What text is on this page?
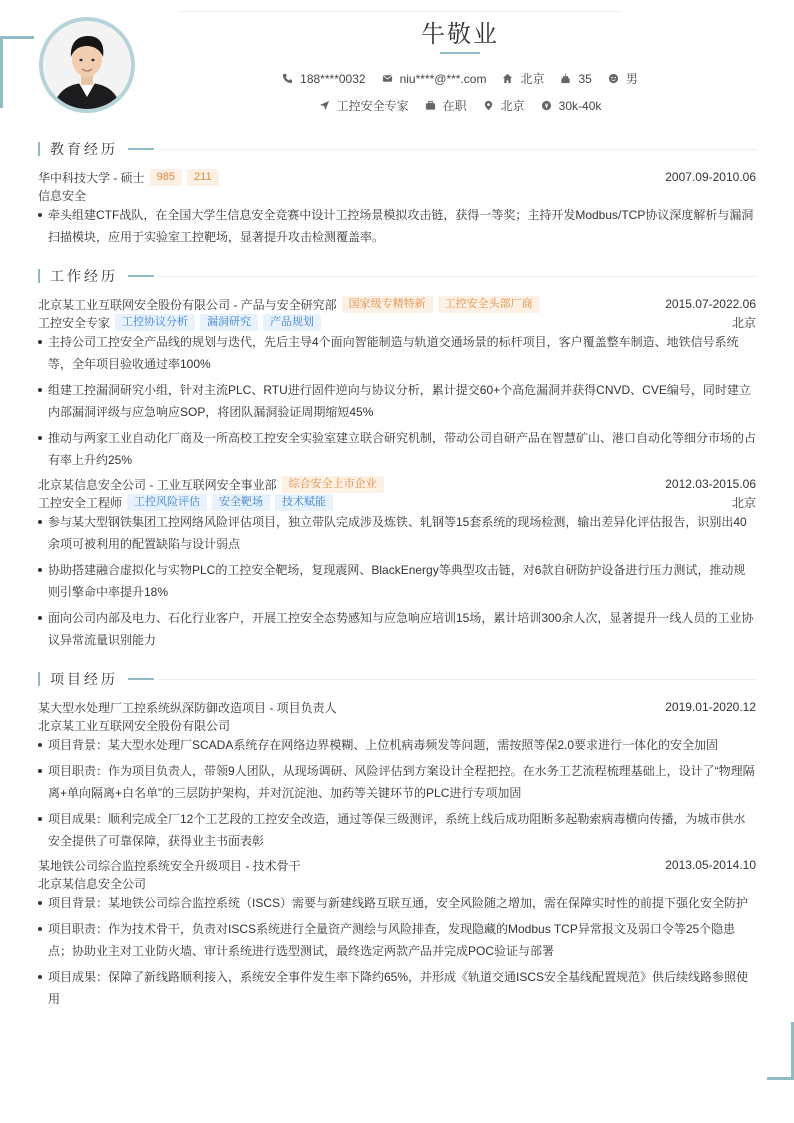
牛敬业
188****0032	niu****@***.com	北京	35	男
工控安全专家	在职	北京	30k-40k
教育经历
华中科技大学 - 硕士	985	211	2007.09-2010.06
信息安全
牵头组建CTF战队，在全国大学生信息安全竞赛中设计工控场景模拟攻击链，获得一等奖；主持开发Modbus/TCP协议深度解析与漏洞扫描模块，应用于实验室工控靶场，显著提升攻击检测覆盖率。
工作经历
北京某工业互联网安全股份有限公司 - 产品与安全研究部	国家级专精特新	工控安全头部厂商	2015.07-2022.06
工控安全专家	工控协议分析	漏洞研究	产品规划	北京
主持公司工控安全产品线的规划与迭代，先后主导4个面向智能制造与轨道交通场景的标杆项目，客户覆盖整车制造、地铁信号系统等，全年项目验收通过率100%
组建工控漏洞研究小组，针对主流PLC、RTU进行固件逆向与协议分析，累计提交60+个高危漏洞并获得CNVD、CVE编号，同时建立内部漏洞评级与应急响应SOP，将团队漏洞验证周期缩短45%
推动与两家工业自动化厂商及一所高校工控安全实验室建立联合研究机制，带动公司自研产品在智慧矿山、港口自动化等细分市场的占有率上升约25%
北京某信息安全公司 - 工业互联网安全事业部	综合安全上市企业	2012.03-2015.06
工控安全工程师	工控风险评估	安全靶场	技术赋能	北京
参与某大型钢铁集团工控网络风险评估项目，独立带队完成涉及炼铁、轧钢等15套系统的现场检测，输出差异化评估报告，识别出40余项可被利用的配置缺陷与设计弱点
协助搭建融合虚拟化与实物PLC的工控安全靶场，复现震网、BlackEnergy等典型攻击链，对6款自研防护设备进行压力测试，推动规则引擎命中率提升18%
面向公司内部及电力、石化行业客户，开展工控安全态势感知与应急响应培训15场，累计培训300余人次，显著提升一线人员的工业协议异常流量识别能力
项目经历
某大型水处理厂工控系统纵深防御改造项目 - 项目负责人	2019.01-2020.12
北京某工业互联网安全股份有限公司
项目背景：某大型水处理厂SCADA系统存在网络边界模糊、上位机病毒频发等问题，需按照等保2.0要求进行一体化的安全加固
项目职责：作为项目负责人，带领9人团队，从现场调研、风险评估到方案设计全程把控。在水务工艺流程梳理基础上，设计了“物理隔离+单向隔离+白名单”的三层防护架构，并对沉淀池、加药等关键环节的PLC进行专项加固
项目成果：顺利完成全厂12个工艺段的工控安全改造，通过等保三级测评，系统上线后成功阻断多起勒索病毒横向传播，为城市供水安全提供了可靠保障，获得业主书面表彰
某地铁公司综合监控系统安全升级项目 - 技术骨干	2013.05-2014.10
北京某信息安全公司
项目背景：某地铁公司综合监控系统（ISCS）需要与新建线路互联互通，安全风险随之增加，需在保障实时性的前提下强化安全防护
项目职责：作为技术骨干，负责对ISCS系统进行全量资产测绘与风险排查，发现隐藏的Modbus TCP异常报文及弱口令等25个隐患点；协助业主对工业防火墙、审计系统进行选型测试，最终选定两款产品并完成POC验证与部署
项目成果：保障了新线路顺利接入，系统安全事件发生率下降约65%，并形成《轨道交通ISCS安全基线配置规范》供后续线路参照使用
